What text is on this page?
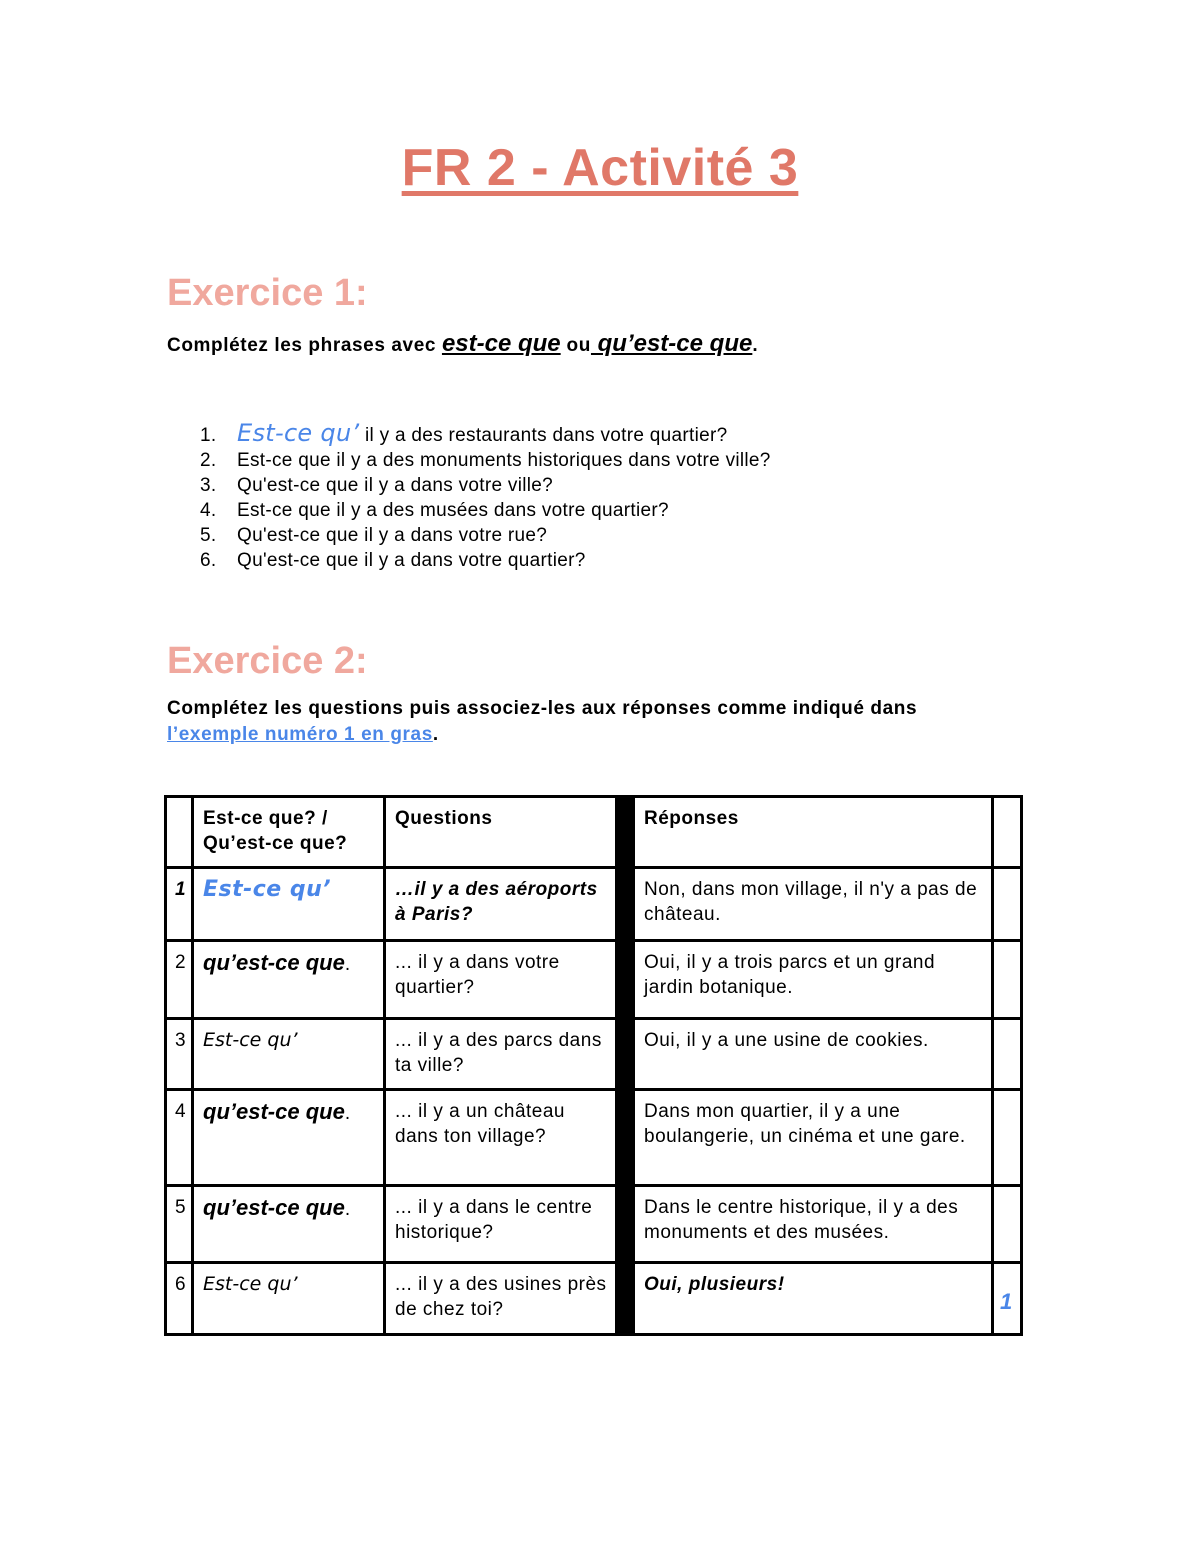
FR 2 - Activité 3
Exercice 1:
Complétez les phrases avec est-ce que ou qu’est-ce que.
1. Est-ce qu’ il y a des restaurants dans votre quartier?
2. Est-ce que il y a des monuments historiques dans votre ville?
3. Qu'est-ce que il y a dans votre ville?
4. Est-ce que il y a des musées dans votre quartier?
5. Qu'est-ce que il y a dans votre rue?
6. Qu'est-ce que il y a dans votre quartier?
Exercice 2:
Complétez les questions puis associez-les aux réponses comme indiqué dans
l’exemple numéro 1 en gras.
	Est-ce que? / Qu’est-ce que?	Questions		Réponses	
1	Est-ce qu’	…il y a des aéroports à Paris?		Non, dans mon village, il n'y a pas de château.	
2	qu’est-ce que.	... il y a dans votre quartier?		Oui, il y a trois parcs et un grand jardin botanique.	
3	Est-ce qu’	... il y a des parcs dans ta ville?		Oui, il y a une usine de cookies.	
4	qu’est-ce que.	... il y a un château dans ton village?		Dans mon quartier, il y a une boulangerie, un cinéma et une gare.	
5	qu’est-ce que.	... il y a dans le centre historique?		Dans le centre historique, il y a des monuments et des musées.	
6	Est-ce qu’	... il y a des usines près de chez toi?		Oui, plusieurs!	1
